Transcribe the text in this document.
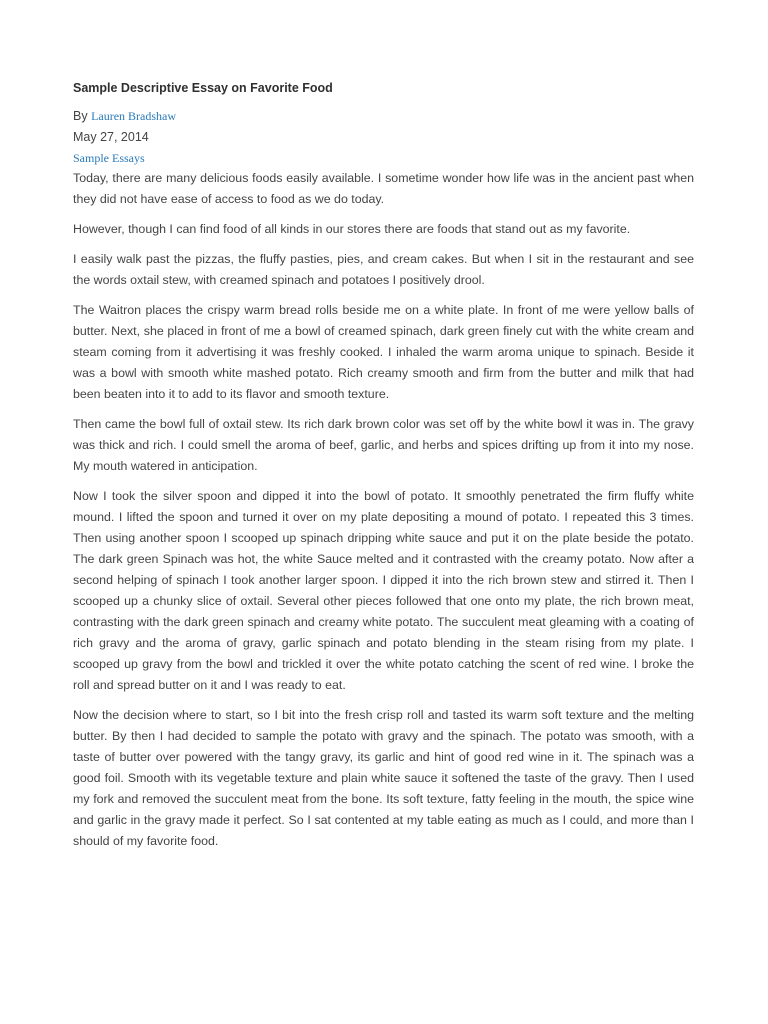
Sample Descriptive Essay on Favorite Food
By Lauren Bradshaw
May 27, 2014
Sample Essays

Today, there are many delicious foods easily available. I sometime wonder how life was in the ancient past when they did not have ease of access to food as we do today.

However, though I can find food of all kinds in our stores there are foods that stand out as my favorite.

I easily walk past the pizzas, the fluffy pasties, pies, and cream cakes. But when I sit in the restaurant and see the words oxtail stew, with creamed spinach and potatoes I positively drool.

The Waitron places the crispy warm bread rolls beside me on a white plate. In front of me were yellow balls of butter. Next, she placed in front of me a bowl of creamed spinach, dark green finely cut with the white cream and steam coming from it advertising it was freshly cooked. I inhaled the warm aroma unique to spinach. Beside it was a bowl with smooth white mashed potato. Rich creamy smooth and firm from the butter and milk that had been beaten into it to add to its flavor and smooth texture.

Then came the bowl full of oxtail stew. Its rich dark brown color was set off by the white bowl it was in. The gravy was thick and rich. I could smell the aroma of beef, garlic, and herbs and spices drifting up from it into my nose. My mouth watered in anticipation.

Now I took the silver spoon and dipped it into the bowl of potato. It smoothly penetrated the firm fluffy white mound. I lifted the spoon and turned it over on my plate depositing a mound of potato. I repeated this 3 times. Then using another spoon I scooped up spinach dripping white sauce and put it on the plate beside the potato. The dark green Spinach was hot, the white Sauce melted and it contrasted with the creamy potato. Now after a second helping of spinach I took another larger spoon. I dipped it into the rich brown stew and stirred it. Then I scooped up a chunky slice of oxtail. Several other pieces followed that one onto my plate, the rich brown meat, contrasting with the dark green spinach and creamy white potato. The succulent meat gleaming with a coating of rich gravy and the aroma of gravy, garlic spinach and potato blending in the steam rising from my plate. I scooped up gravy from the bowl and trickled it over the white potato catching the scent of red wine. I broke the roll and spread butter on it and I was ready to eat.

Now the decision where to start, so I bit into the fresh crisp roll and tasted its warm soft texture and the melting butter. By then I had decided to sample the potato with gravy and the spinach. The potato was smooth, with a taste of butter over powered with the tangy gravy, its garlic and hint of good red wine in it. The spinach was a good foil. Smooth with its vegetable texture and plain white sauce it softened the taste of the gravy. Then I used my fork and removed the succulent meat from the bone. Its soft texture, fatty feeling in the mouth, the spice wine and garlic in the gravy made it perfect. So I sat contented at my table eating as much as I could, and more than I should of my favorite food.
